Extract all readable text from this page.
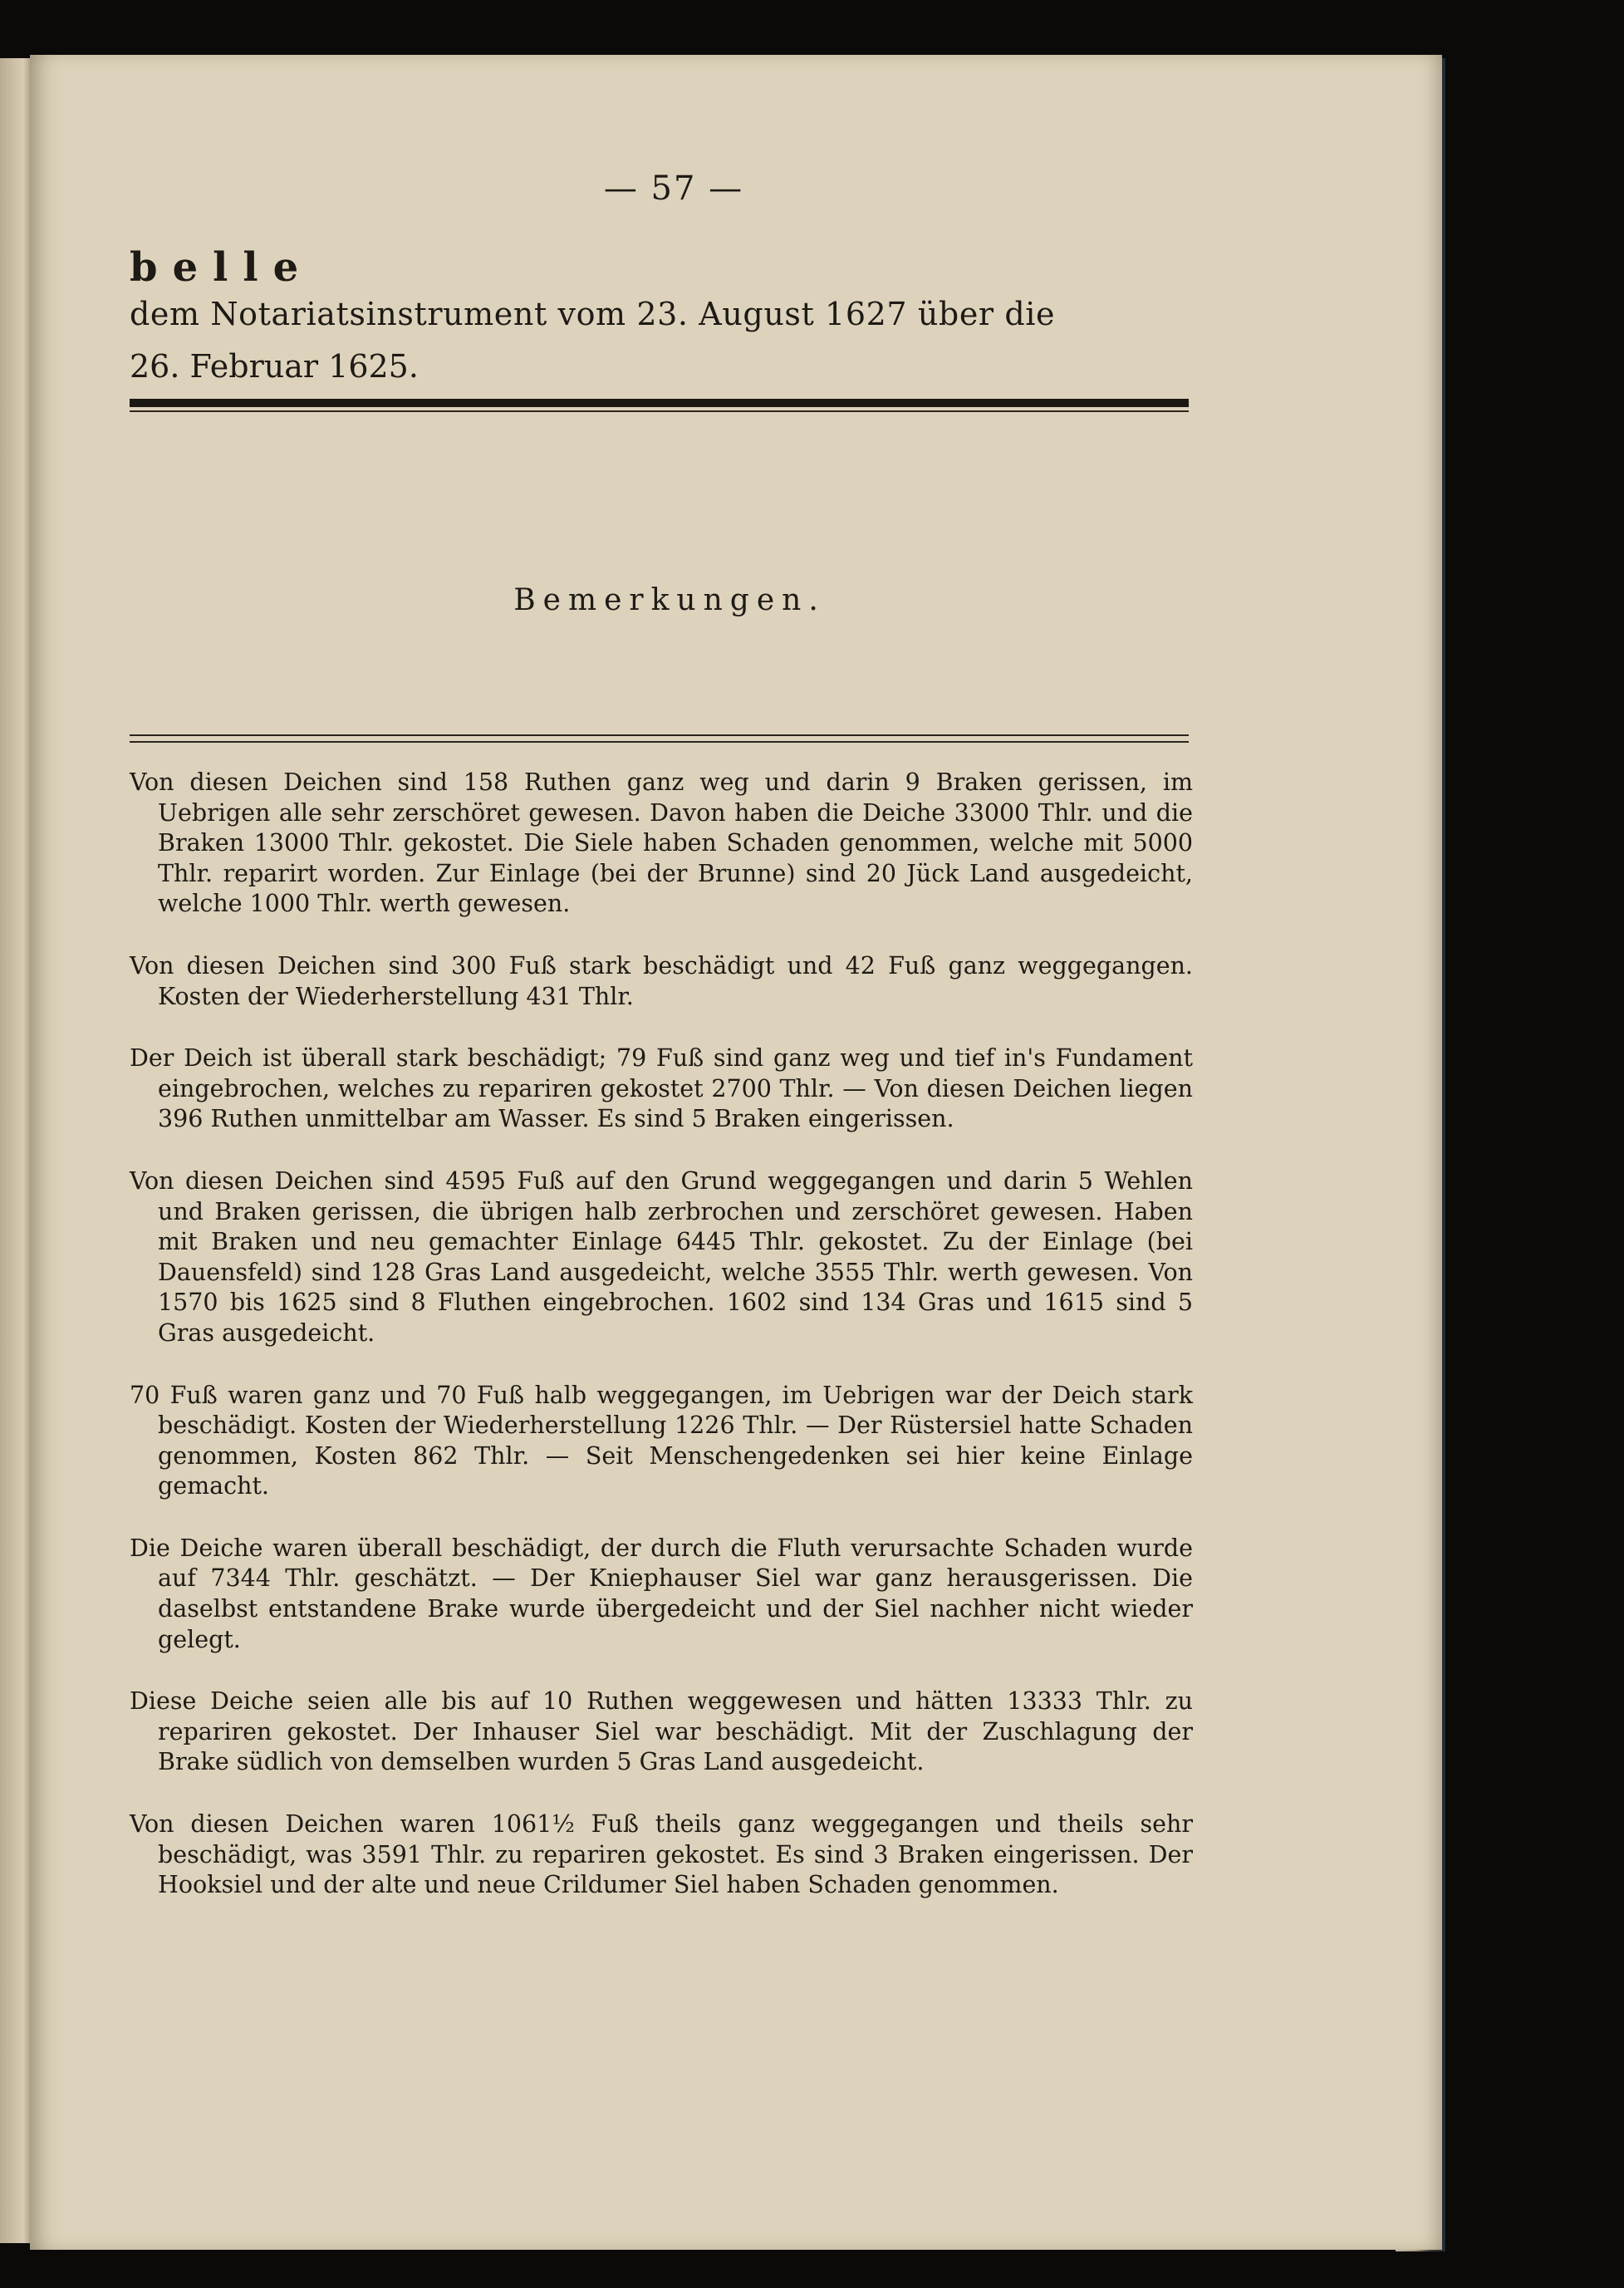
— 57 —
belle
dem Notariatsinstrument vom 23. August 1627 über die
26. Februar 1625.
Bemerkungen.

Von diesen Deichen sind 158 Ruthen ganz weg und darin 9 Braken gerissen, im Uebrigen alle sehr zerschöret gewesen. Davon haben die Deiche 33000 Thlr. und die Braken 13000 Thlr. gekostet. Die Siele haben Schaden genommen, welche mit 5000 Thlr. reparirt worden. Zur Einlage (bei der Brunne) sind 20 Jück Land ausgedeicht, welche 1000 Thlr. werth gewesen.

Von diesen Deichen sind 300 Fuß stark beschädigt und 42 Fuß ganz weggegangen. Kosten der Wiederherstellung 431 Thlr.

Der Deich ist überall stark beschädigt; 79 Fuß sind ganz weg und tief in's Fundament eingebrochen, welches zu repariren gekostet 2700 Thlr. — Von diesen Deichen liegen 396 Ruthen unmittelbar am Wasser. Es sind 5 Braken eingerissen.

Von diesen Deichen sind 4595 Fuß auf den Grund weggegangen und darin 5 Wehlen und Braken gerissen, die übrigen halb zerbrochen und zerschöret gewesen. Haben mit Braken und neu gemachter Einlage 6445 Thlr. gekostet. Zu der Einlage (bei Dauensfeld) sind 128 Gras Land ausgedeicht, welche 3555 Thlr. werth gewesen. Von 1570 bis 1625 sind 8 Fluthen eingebrochen. 1602 sind 134 Gras und 1615 sind 5 Gras ausgedeicht.

70 Fuß waren ganz und 70 Fuß halb weggegangen, im Uebrigen war der Deich stark beschädigt. Kosten der Wiederherstellung 1226 Thlr. — Der Rüstersiel hatte Schaden genommen, Kosten 862 Thlr. — Seit Menschengedenken sei hier keine Einlage gemacht.

Die Deiche waren überall beschädigt, der durch die Fluth verursachte Schaden wurde auf 7344 Thlr. geschätzt. — Der Kniephauser Siel war ganz herausgerissen. Die daselbst entstandene Brake wurde übergedeicht und der Siel nachher nicht wieder gelegt.

Diese Deiche seien alle bis auf 10 Ruthen weggewesen und hätten 13333 Thlr. zu repariren gekostet. Der Inhauser Siel war beschädigt. Mit der Zuschlagung der Brake südlich von demselben wurden 5 Gras Land ausgedeicht.

Von diesen Deichen waren 1061½ Fuß theils ganz weggegangen und theils sehr beschädigt, was 3591 Thlr. zu repariren gekostet. Es sind 3 Braken eingerissen. Der Hooksiel und der alte und neue Crildumer Siel haben Schaden genommen.
